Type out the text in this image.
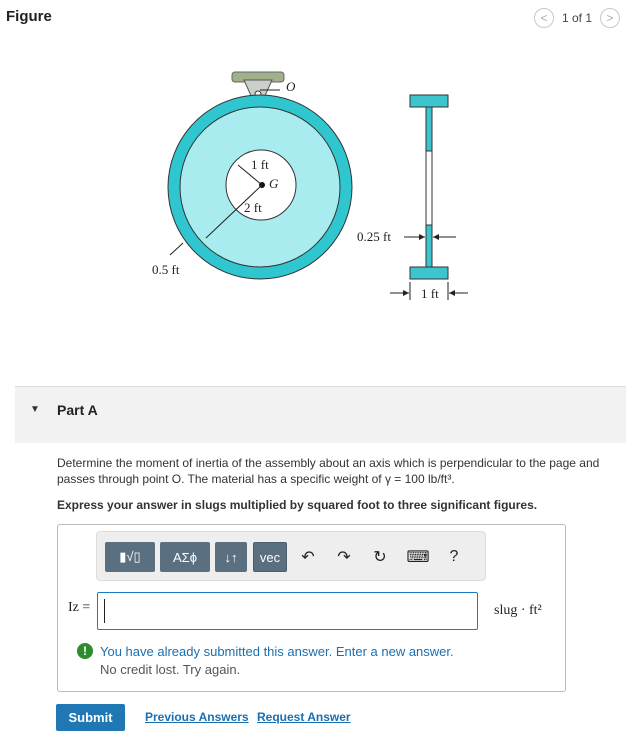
Figure	<	1 of 1	>
O
G
1 ft
2 ft
0.5 ft
0.25 ft
1 ft
▼ Part A
Determine the moment of inertia of the assembly about an axis which is perpendicular to the page and passes through point O. The material has a specific weight of γ = 100 lb/ft³.
Express your answer in slugs multiplied by squared foot to three significant figures.
▮√▯	ΑΣϕ	↓↑	vec	↶ ↷ ↻ ⌨	?
Iz =	slug · ft²
!	You have already submitted this answer. Enter a new answer.
No credit lost. Try again.
Submit	Previous Answers Request Answer
